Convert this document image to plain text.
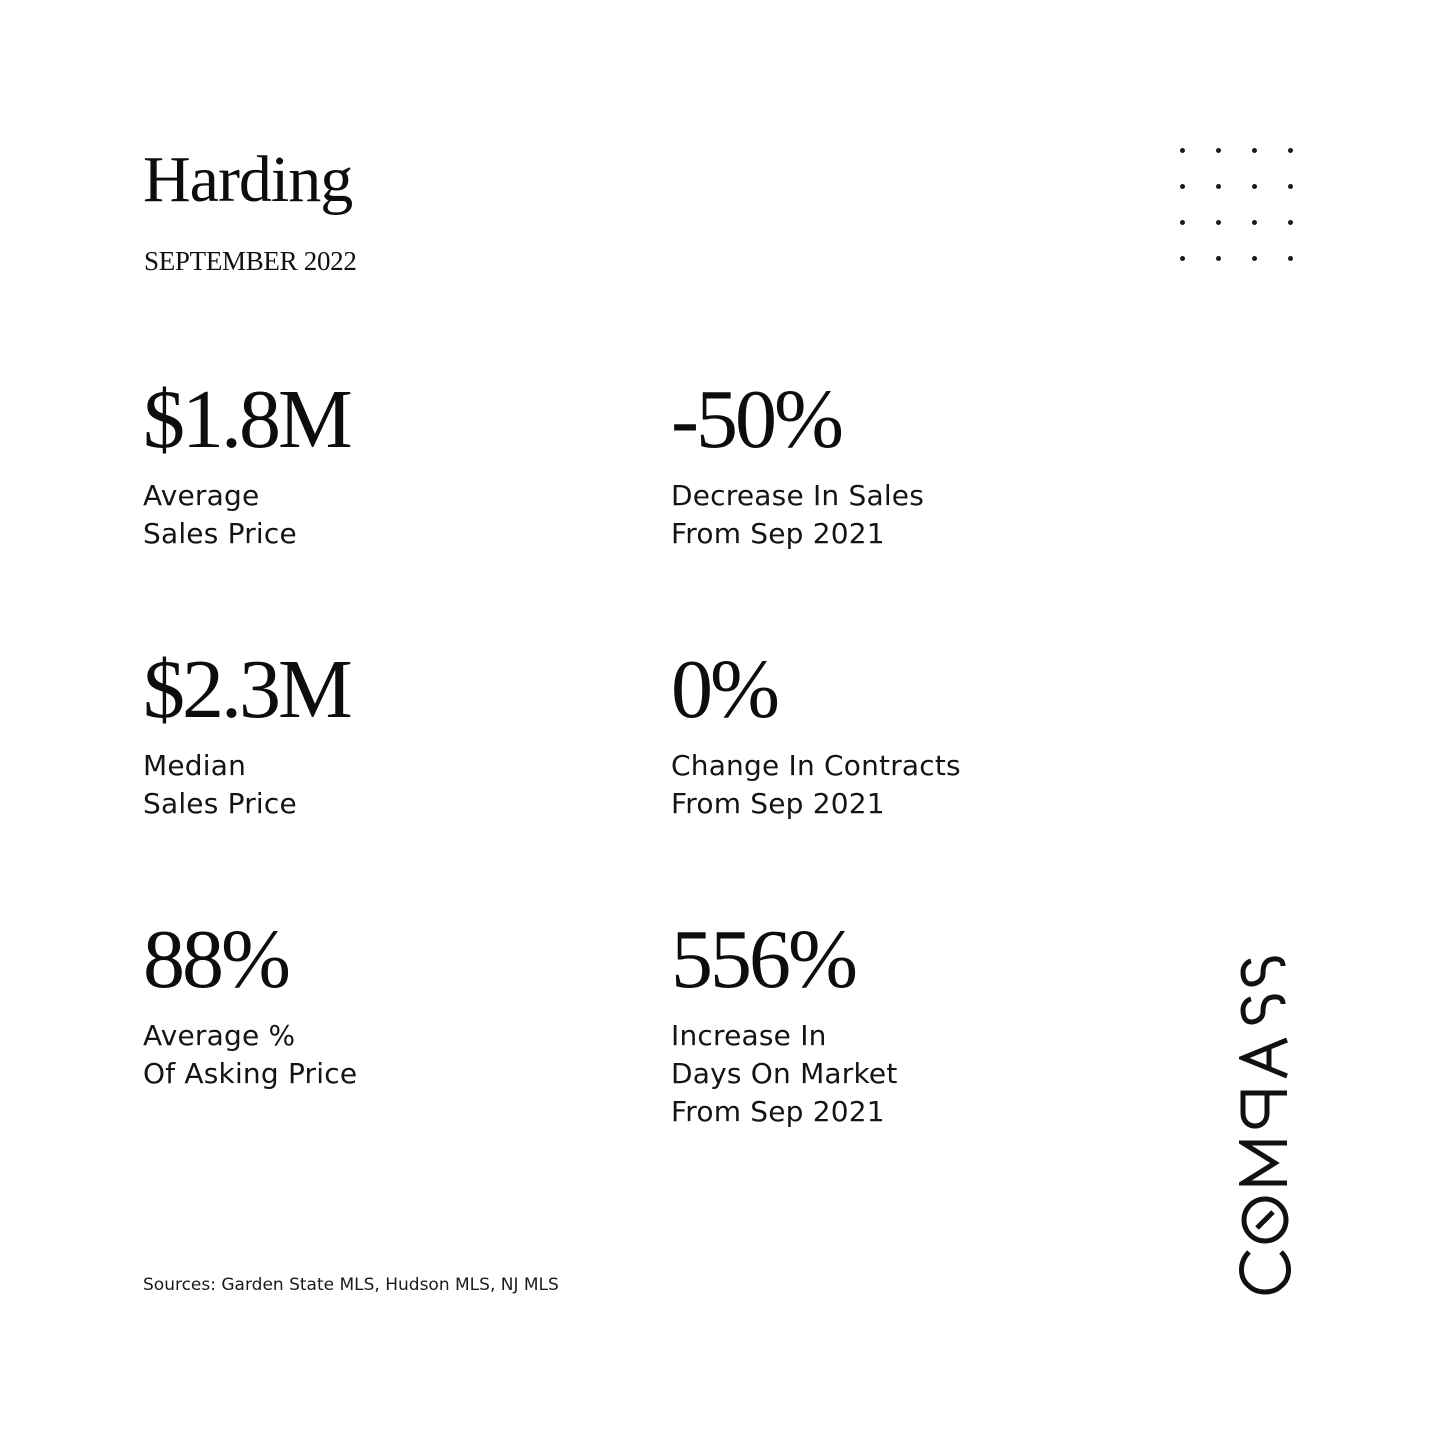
Harding
SEPTEMBER 2022
$1.8M
Average
Sales Price
-50%
Decrease In Sales
From Sep 2021
$2.3M
Median
Sales Price
0%
Change In Contracts
From Sep 2021
88%
Average %
Of Asking Price
556%
Increase In
Days On Market
From Sep 2021
Sources: Garden State MLS, Hudson MLS, NJ MLS
